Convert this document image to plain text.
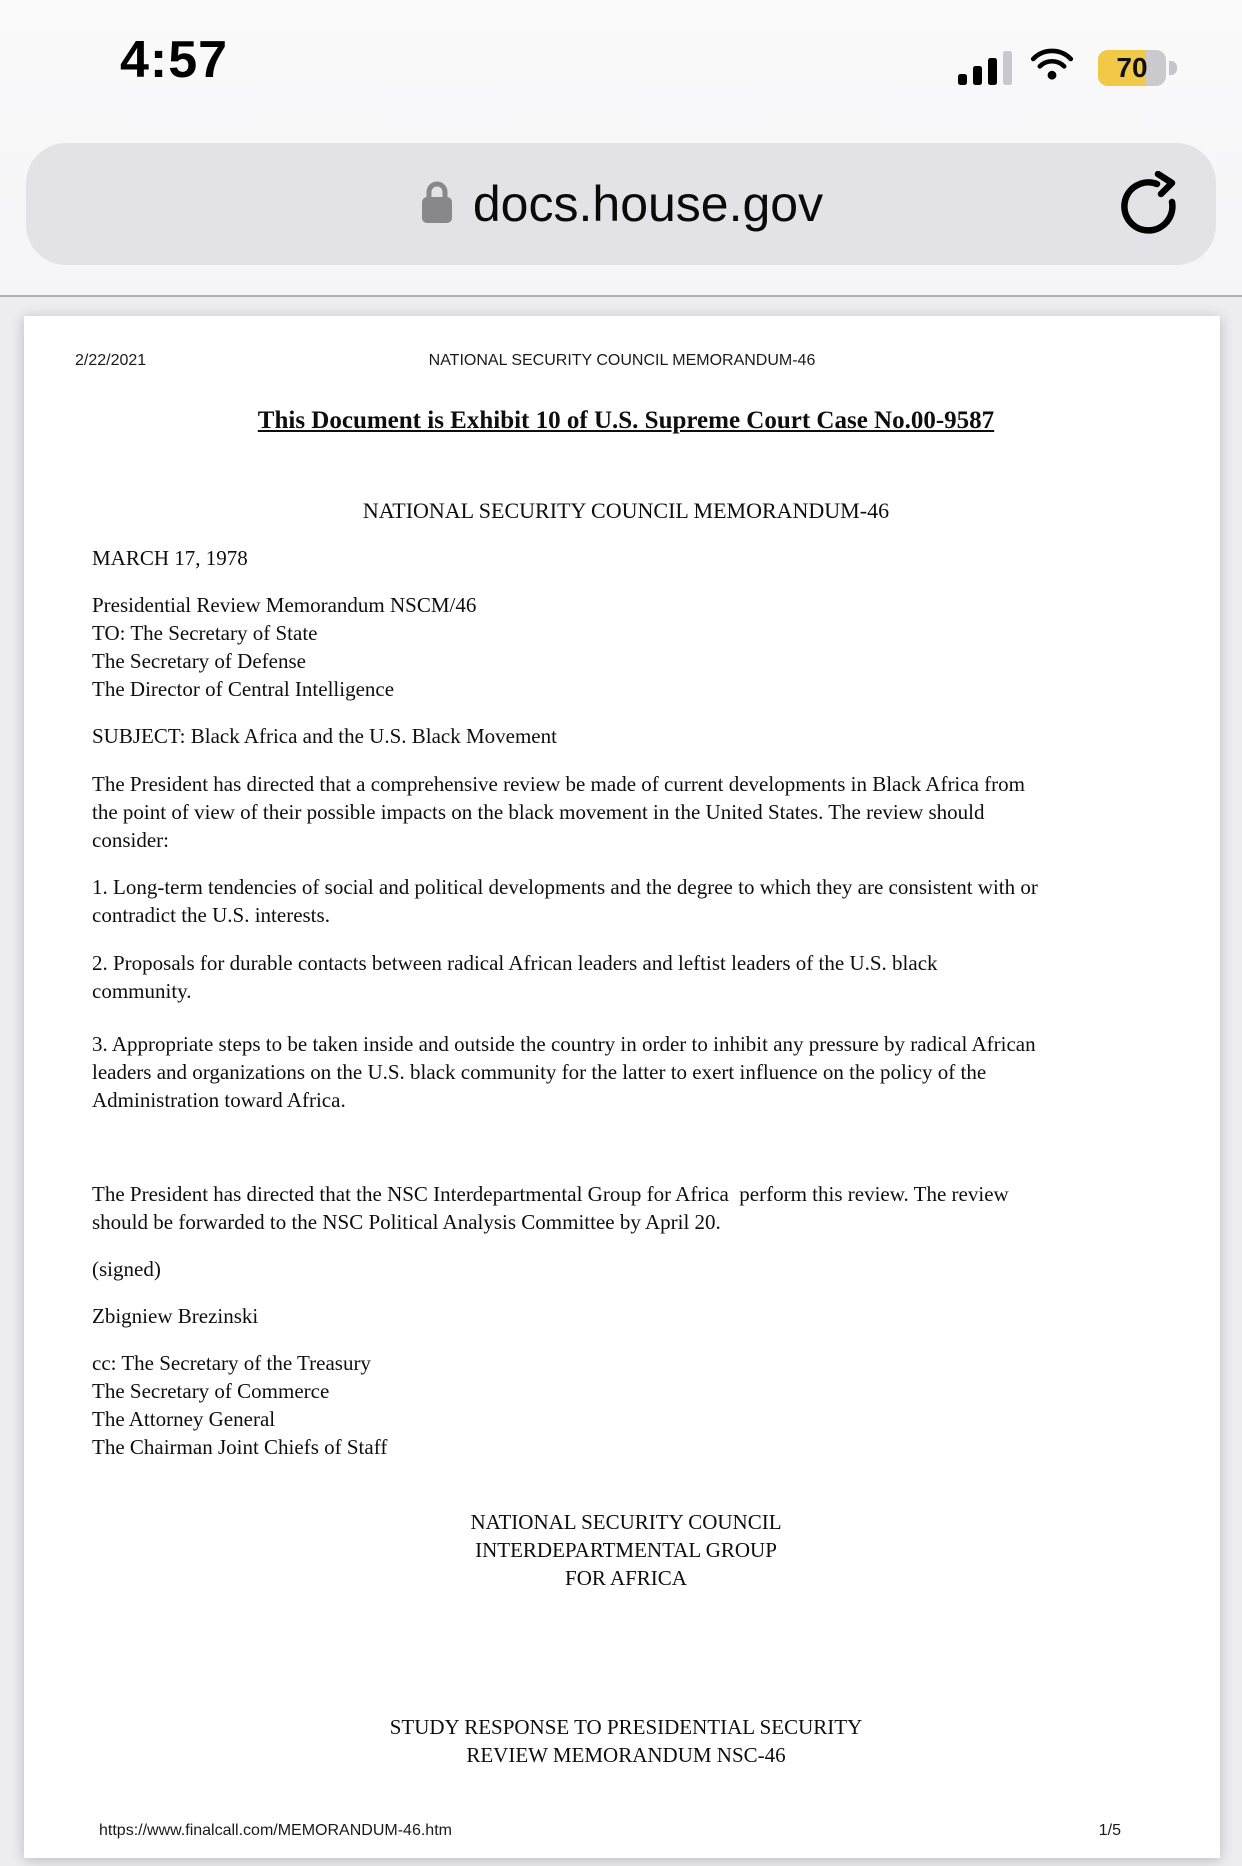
4:57	70
docs.house.gov
2/22/2021	NATIONAL SECURITY COUNCIL MEMORANDUM-46
This Document is Exhibit 10 of U.S. Supreme Court Case No.00-9587
NATIONAL SECURITY COUNCIL MEMORANDUM-46
MARCH 17, 1978
Presidential Review Memorandum NSCM/46
TO: The Secretary of State
The Secretary of Defense
The Director of Central Intelligence
SUBJECT: Black Africa and the U.S. Black Movement
The President has directed that a comprehensive review be made of current developments in Black Africa from
the point of view of their possible impacts on the black movement in the United States. The review should
consider:
1. Long-term tendencies of social and political developments and the degree to which they are consistent with or
contradict the U.S. interests.
2. Proposals for durable contacts between radical African leaders and leftist leaders of the U.S. black
community.
3. Appropriate steps to be taken inside and outside the country in order to inhibit any pressure by radical African
leaders and organizations on the U.S. black community for the latter to exert influence on the policy of the
Administration toward Africa.
The President has directed that the NSC Interdepartmental Group for Africa  perform this review. The review
should be forwarded to the NSC Political Analysis Committee by April 20.
(signed)
Zbigniew Brezinski
cc: The Secretary of the Treasury
The Secretary of Commerce
The Attorney General
The Chairman Joint Chiefs of Staff
NATIONAL SECURITY COUNCIL
INTERDEPARTMENTAL GROUP
FOR AFRICA
STUDY RESPONSE TO PRESIDENTIAL SECURITY
REVIEW MEMORANDUM NSC-46
https://www.finalcall.com/MEMORANDUM-46.htm	1/5
